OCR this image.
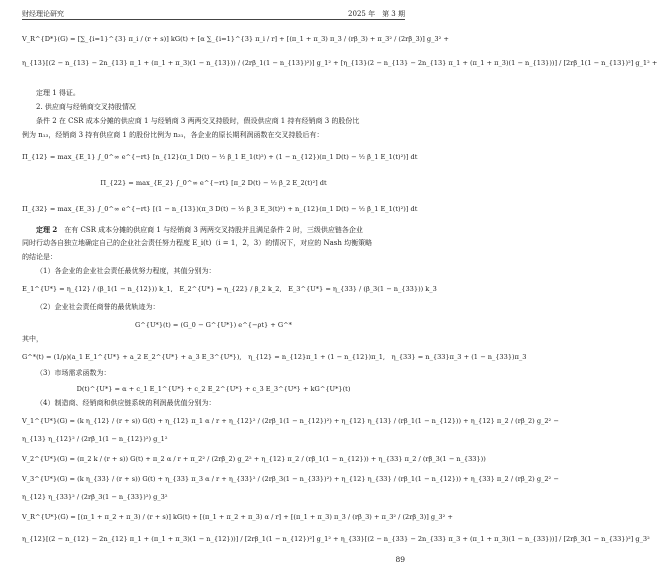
财经理论研究	2025 年　第 3 期
V_R^{D*}(G) = [∑_{i=1}^{3} π_i / (r + s)] kG(t) + [α ∑_{i=1}^{3} π_i / r] + [(π_1 + π_3) π_3 / (rβ_3) + π_3² / (2rβ_3)] g_3² +
η_{13}[(2 − n_{13} − 2n_{13} π_1 + (π_1 + π_3)(1 − n_{13})) / (2rβ_1(1 − n_{13})²)] g_1² + [η_{13}(2 − n_{13} − 2n_{13} π_1 + (π_1 + π_3)(1 − n_{13}))] / [2rβ_1(1 − n_{13})²] g_1² +
定理 1 得证。
2. 供应商与经销商交叉持股情况
条件 2 在 CSR 成本分摊的供应商 1 与经销商 3 两两交叉持股时，假设供应商 1 持有经销商 3 的股份比
例为 n₁₃，经销商 3 持有供应商 1 的股份比例为 n₃₁，各企业的原长期利润函数在交叉持股后有：
Π_{12} = max_{E_1} ∫_0^∞ e^{−rt} [n_{12}(π_1 D(t) − ½ β_1 E_1(t)²) + (1 − n_{12})(π_1 D(t) − ½ β_1 E_1(t)²)] dt
Π_{22} = max_{E_2} ∫_0^∞ e^{−rt} [π_2 D(t) − ½ β_2 E_2(t)²] dt
Π_{32} = max_{E_3} ∫_0^∞ e^{−rt} [(1 − n_{13})(π_3 D(t) − ½ β_3 E_3(t)²) + n_{12}(π_1 D(t) − ½ β_1 E_1(t)²)] dt
定理 2　在有 CSR 成本分摊的供应商 1 与经销商 3 两两交叉持股并且满足条件 2 时，三级供应链各企业
同时行动各自独立地确定自己的企业社会责任努力程度 E_i(t)（i = 1，2，3）的情况下，对应的 Nash 均衡策略
的结论是：
（1）各企业的企业社会责任最优努力程度，其值分别为：
E_1^{U*} = η_{12} / (β_1(1 − n_{12})) k_1,　E_2^{U*} = η_{22} / β_2 k_2,　E_3^{U*} = η_{33} / (β_3(1 − n_{33})) k_3
（2）企业社会责任商誉的最优轨迹为：
G^{U*}(t) = (G_0 − G^{U*}) e^{−ρt} + G^*
其中，
G^*(t) = (1/ρ)(a_1 E_1^{U*} + a_2 E_2^{U*} + a_3 E_3^{U*}),　η_{12} = n_{12}π_1 + (1 − n_{12})π_1,　η_{33} = n_{33}π_3 + (1 − n_{33})π_3
（3）市场需求函数为：
D(t)^{U*} = α + c_1 E_1^{U*} + c_2 E_2^{U*} + c_3 E_3^{U*} + kG^{U*}(t)
（4）制造商、经销商和供应链系统的利润最优值分别为：
V_1^{U*}(G) = (k η_{12} / (r + s)) G(t) + η_{12} π_1 α / r + η_{12}² / (2rβ_1(1 − n_{12})²) + η_{12} η_{13} / (rβ_1(1 − n_{12})) + η_{12} π_2 / (rβ_2) g_2² −
η_{13} η_{12}² / (2rβ_1(1 − n_{12})²) g_1²
V_2^{U*}(G) = (π_2 k / (r + s)) G(t) + π_2 α / r + π_2² / (2rβ_2) g_2² + η_{12} π_2 / (rβ_1(1 − n_{12})) + η_{33} π_2 / (rβ_3(1 − n_{33}))
V_3^{U*}(G) = (k η_{33} / (r + s)) G(t) + η_{33} π_3 α / r + η_{33}² / (2rβ_3(1 − n_{33})²) + η_{12} η_{33} / (rβ_1(1 − n_{12})) + η_{33} π_2 / (rβ_2) g_2² −
η_{12} η_{33}² / (2rβ_3(1 − n_{33})²) g_3²
V_R^{U*}(G) = [(π_1 + π_2 + π_3) / (r + s)] kG(t) + [(π_1 + π_2 + π_3) α / r] + [(π_1 + π_3) π_3 / (rβ_3) + π_3² / (2rβ_3)] g_3² +
η_{12}[(2 − n_{12} − 2n_{12} π_1 + (π_1 + π_3)(1 − n_{12}))] / [2rβ_1(1 − n_{12})²] g_1² + η_{33}[(2 − n_{33} − 2n_{33} π_3 + (π_1 + π_3)(1 − n_{33}))] / [2rβ_3(1 − n_{33})²] g_3²
89
